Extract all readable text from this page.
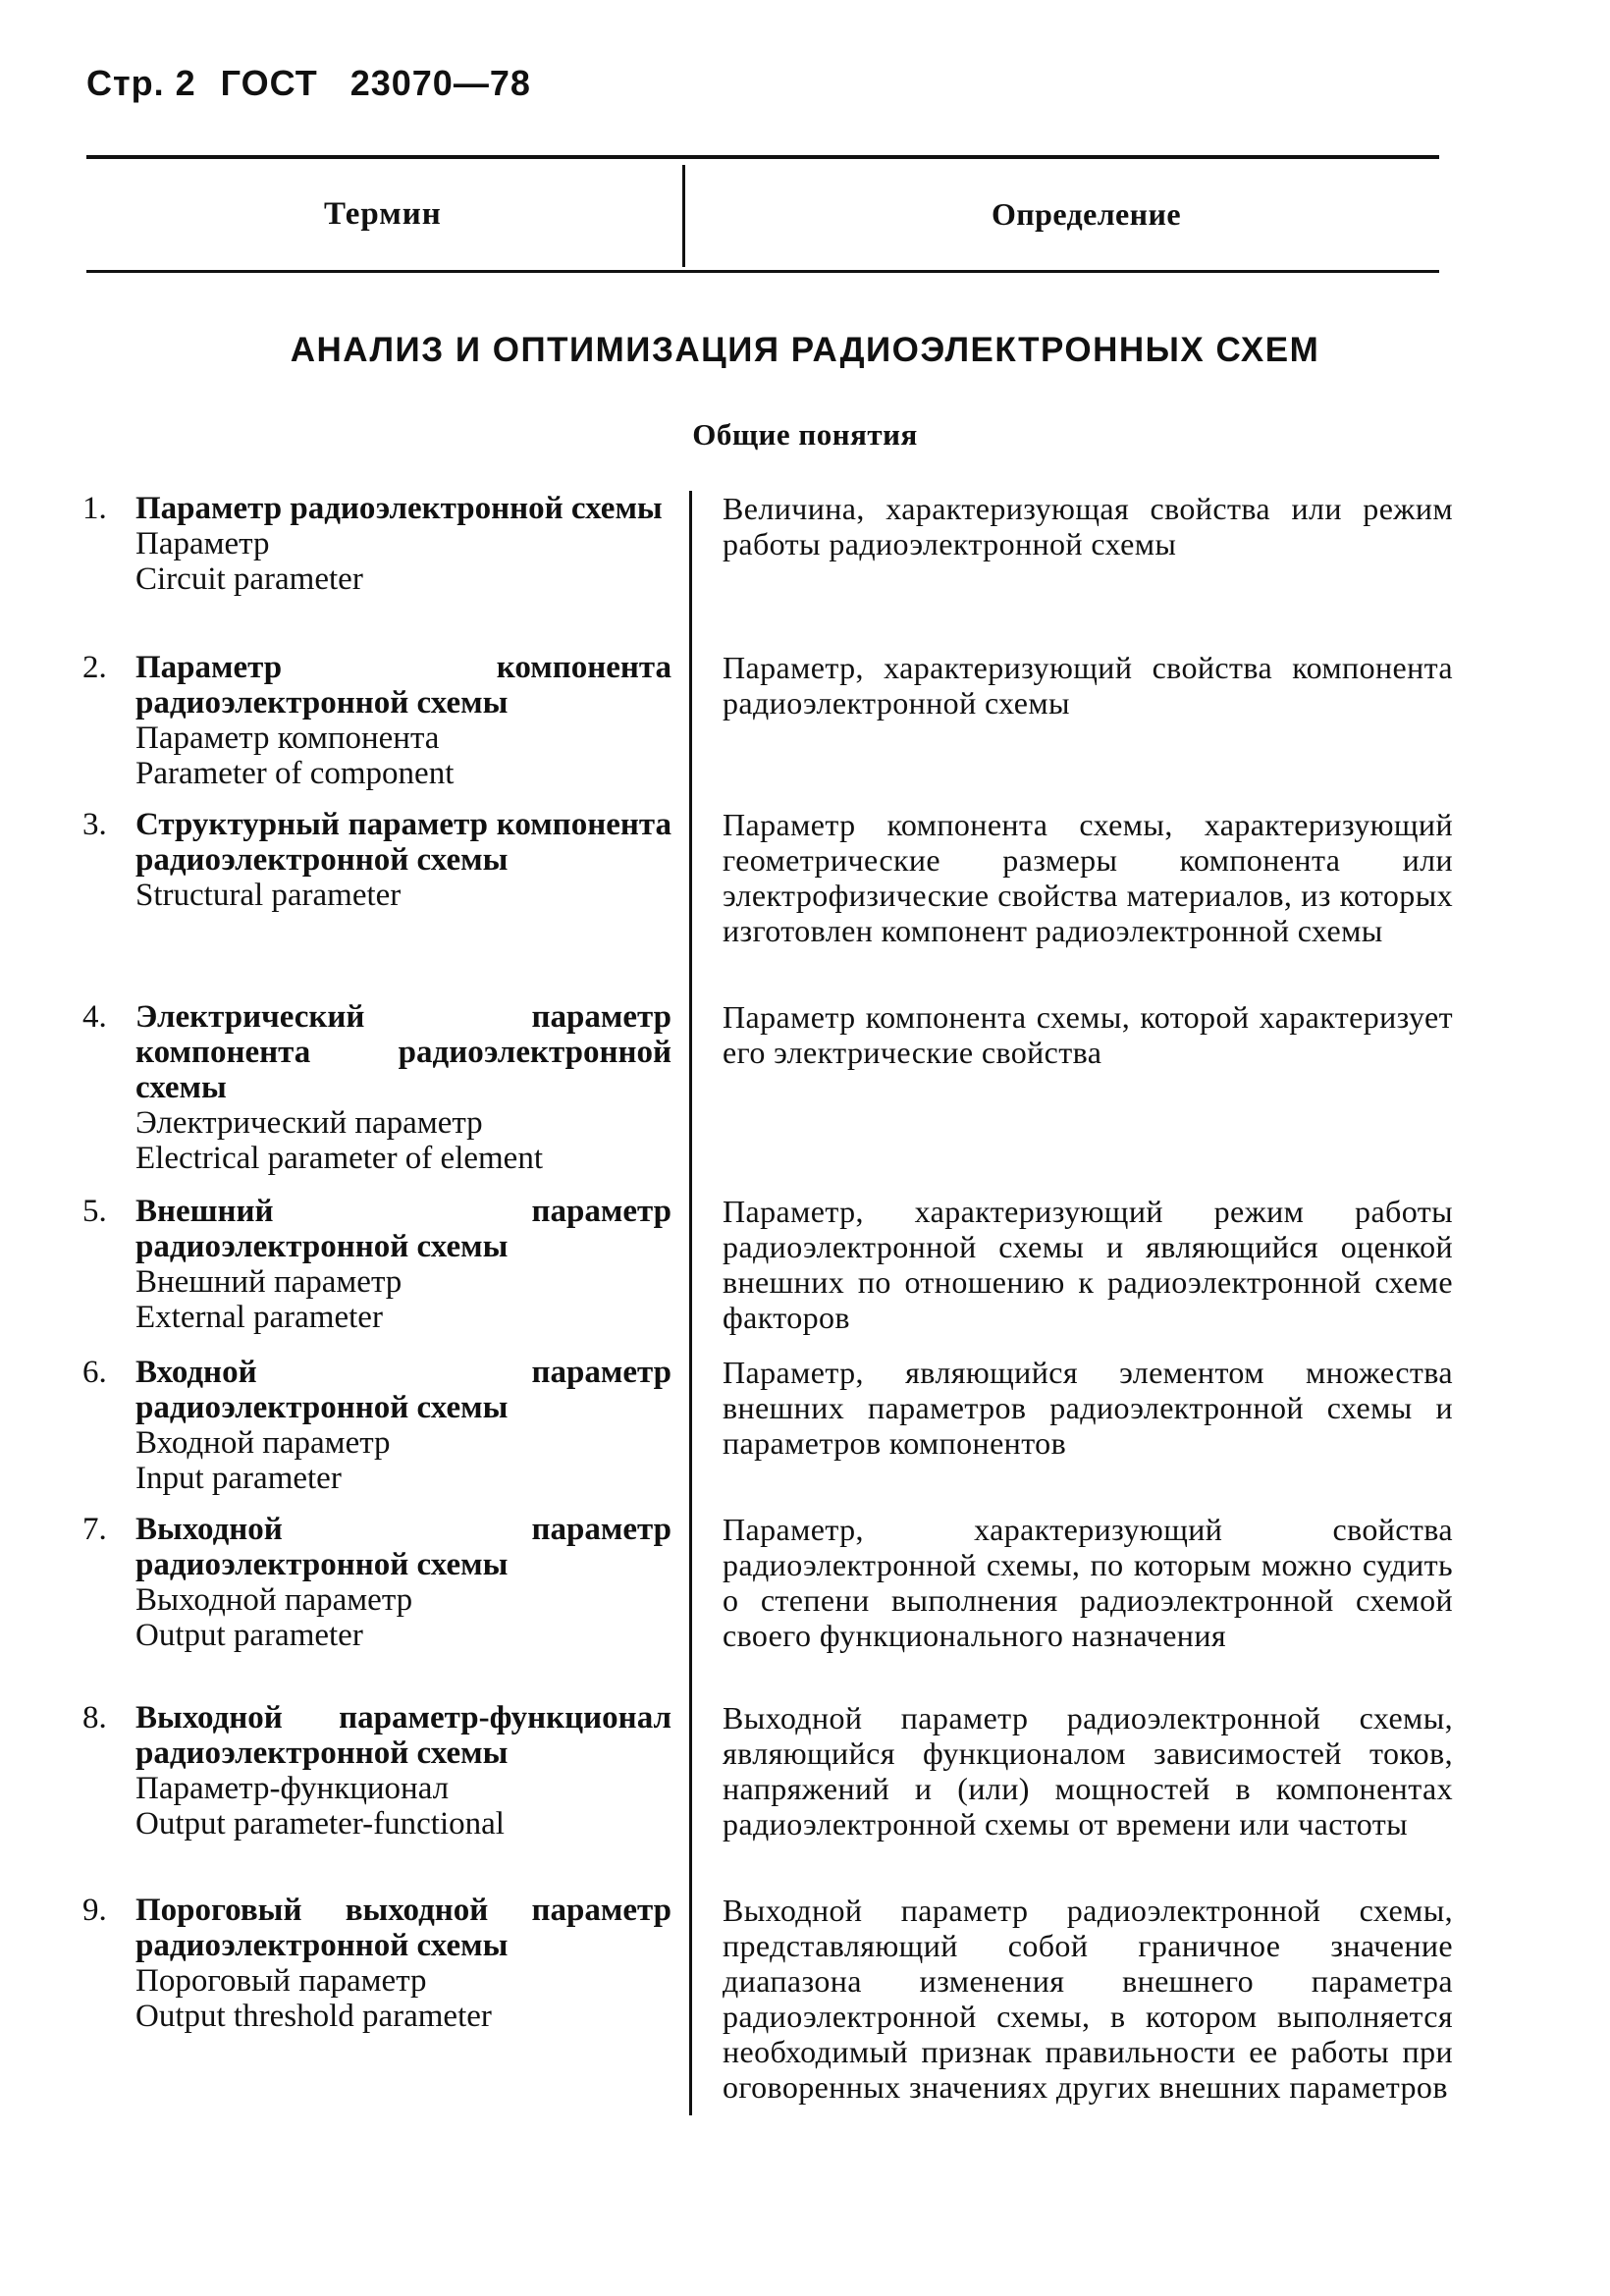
Стр. 2 ГОСТ 23070—78
Термин	Определение
АНАЛИЗ И ОПТИМИЗАЦИЯ РАДИОЭЛЕКТРОННЫХ СХЕМ
Общие понятия
1. Параметр радиоэлектронной схемы
Параметр
Circuit parameter
Величина, характеризующая свойства или режим работы радиоэлектронной схемы
2. Параметр компонента радиоэлектронной схемы
Параметр компонента
Parameter of component
Параметр, характеризующий свойства компонента радиоэлектронной схемы
3. Структурный параметр компонента радиоэлектронной схемы
Structural parameter
Параметр компонента схемы, характеризующий геометрические размеры компонента или электрофизические свойства материалов, из которых изготовлен компонент радиоэлектронной схемы
4. Электрический параметр компонента радиоэлектронной схемы
Электрический параметр
Electrical parameter of element
Параметр компонента схемы, которой характеризует его электрические свойства
5. Внешний параметр радиоэлектронной схемы
Внешний параметр
External parameter
Параметр, характеризующий режим работы радиоэлектронной схемы и являющийся оценкой внешних по отношению к радиоэлектронной схеме факторов
6. Входной параметр радиоэлектронной схемы
Входной параметр
Input parameter
Параметр, являющийся элементом множества внешних параметров радиоэлектронной схемы и параметров компонентов
7. Выходной параметр радиоэлектронной схемы
Выходной параметр
Output parameter
Параметр, характеризующий свойства радиоэлектронной схемы, по которым можно судить о степени выполнения радиоэлектронной схемой своего функционального назначения
8. Выходной параметр-функционал радиоэлектронной схемы
Параметр-функционал
Output parameter-functional
Выходной параметр радиоэлектронной схемы, являющийся функционалом зависимостей токов, напряжений и (или) мощностей в компонентах радиоэлектронной схемы от времени или частоты
9. Пороговый выходной параметр радиоэлектронной схемы
Пороговый параметр
Output threshold parameter
Выходной параметр радиоэлектронной схемы, представляющий собой граничное значение диапазона изменения внешнего параметра радиоэлектронной схемы, в котором выполняется необходимый признак правильности ее работы при оговоренных значениях других внешних параметров
